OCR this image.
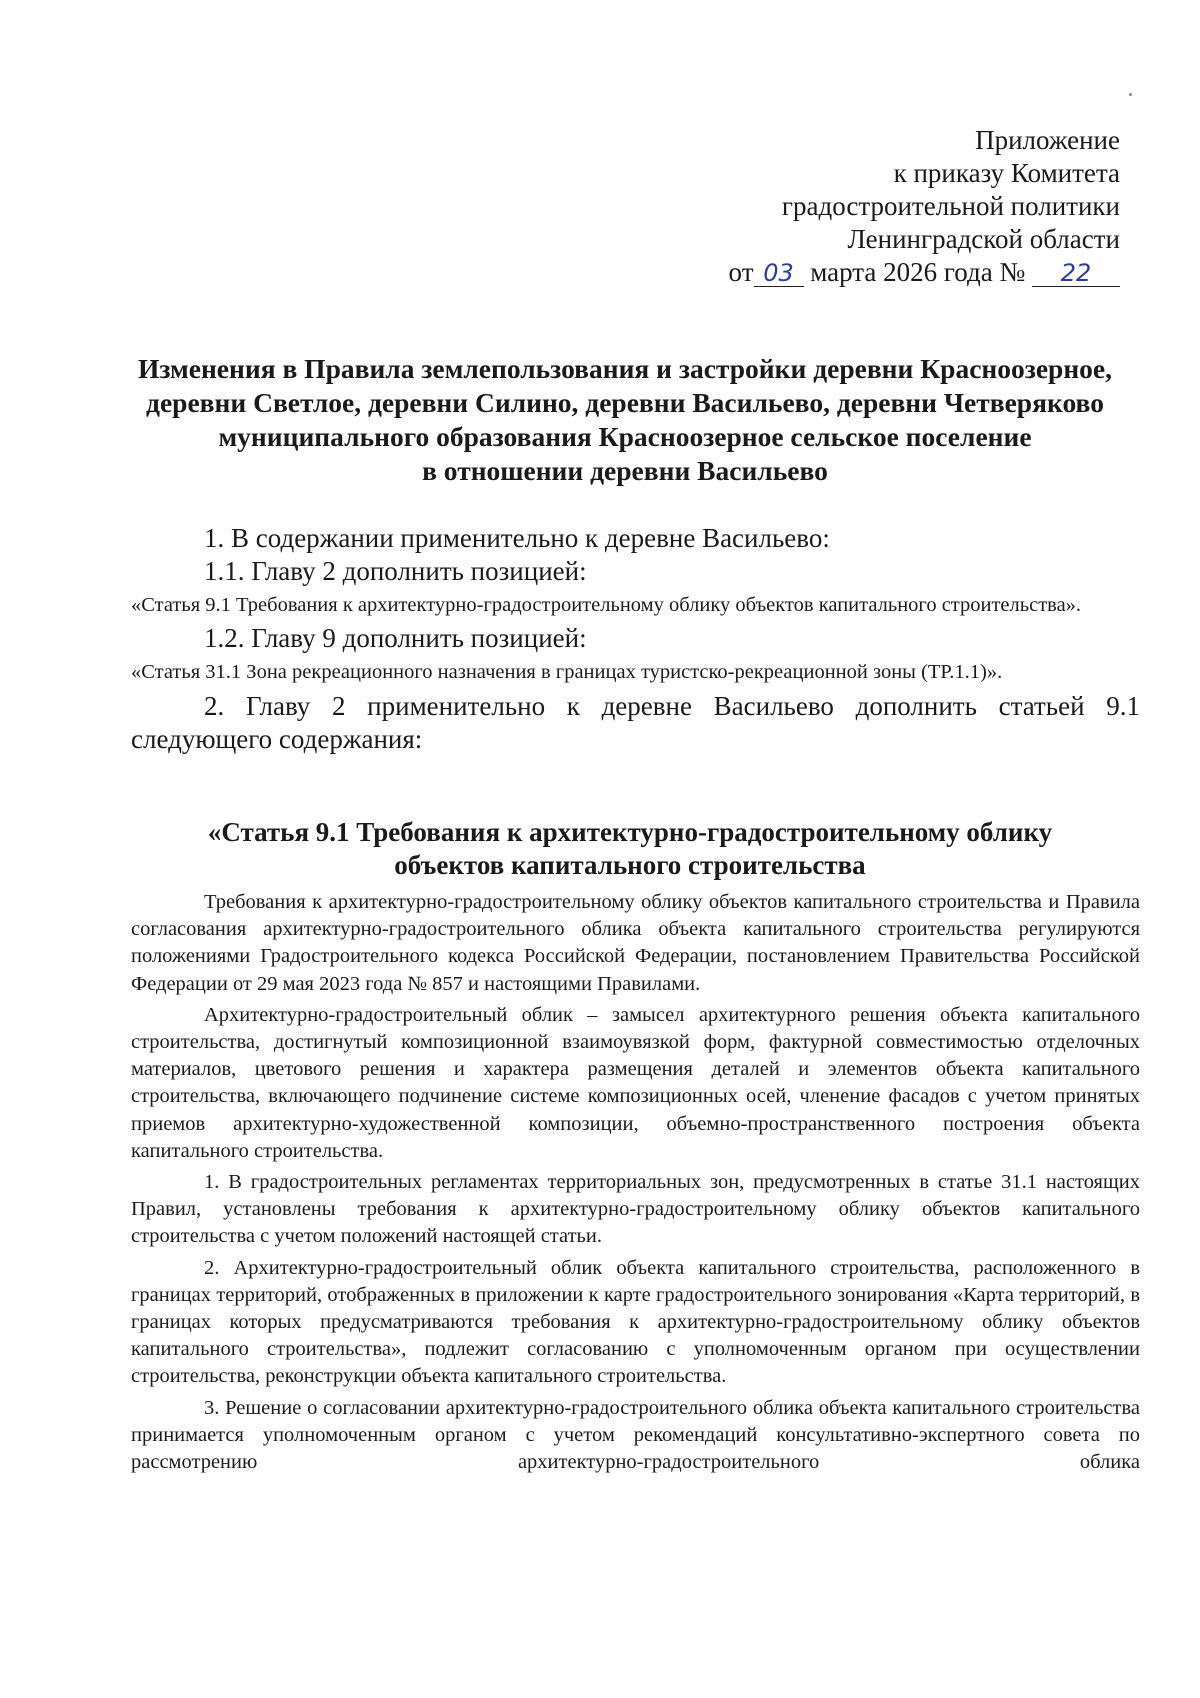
Приложение
к приказу Комитета
градостроительной политики
Ленинградской области
от 03 марта 2026 года № 22
Изменения в Правила землепользования и застройки деревни Красноозерное,
деревни Светлое, деревни Силино, деревни Васильево, деревни Четверяково
муниципального образования Красноозерное сельское поселение
в отношении деревни Васильево
1. В содержании применительно к деревне Васильево:
1.1. Главу 2 дополнить позицией:
«Статья 9.1 Требования к архитектурно-градостроительному облику объектов капитального строительства».
1.2. Главу 9 дополнить позицией:
«Статья 31.1 Зона рекреационного назначения в границах туристско-рекреационной зоны (ТР.1.1)».
2. Главу 2 применительно к деревне Васильево дополнить статьей 9.1 следующего содержания:
«Статья 9.1 Требования к архитектурно-градостроительному облику
объектов капитального строительства

Требования к архитектурно-градостроительному облику объектов капитального строительства и Правила согласования архитектурно-градостроительного облика объекта капитального строительства регулируются положениями Градостроительного кодекса Российской Федерации, постановлением Правительства Российской Федерации от 29 мая 2023 года № 857 и настоящими Правилами.

Архитектурно-градостроительный облик – замысел архитектурного решения объекта капитального строительства, достигнутый композиционной взаимоувязкой форм, фактурной совместимостью отделочных материалов, цветового решения и характера размещения деталей и элементов объекта капитального строительства, включающего подчинение системе композиционных осей, членение фасадов с учетом принятых приемов архитектурно-художественной композиции, объемно-пространственного построения объекта капитального строительства.

1. В градостроительных регламентах территориальных зон, предусмотренных в статье 31.1 настоящих Правил, установлены требования к архитектурно-градостроительному облику объектов капитального строительства с учетом положений настоящей статьи.

2. Архитектурно-градостроительный облик объекта капитального строительства, расположенного в границах территорий, отображенных в приложении к карте градостроительного зонирования «Карта территорий, в границах которых предусматриваются требования к архитектурно-градостроительному облику объектов капитального строительства», подлежит согласованию с уполномоченным органом при осуществлении строительства, реконструкции объекта капитального строительства.

3. Решение о согласовании архитектурно-градостроительного облика объекта капитального строительства принимается уполномоченным органом с учетом рекомендаций консультативно-экспертного совета по рассмотрению архитектурно-градостроительного облика
